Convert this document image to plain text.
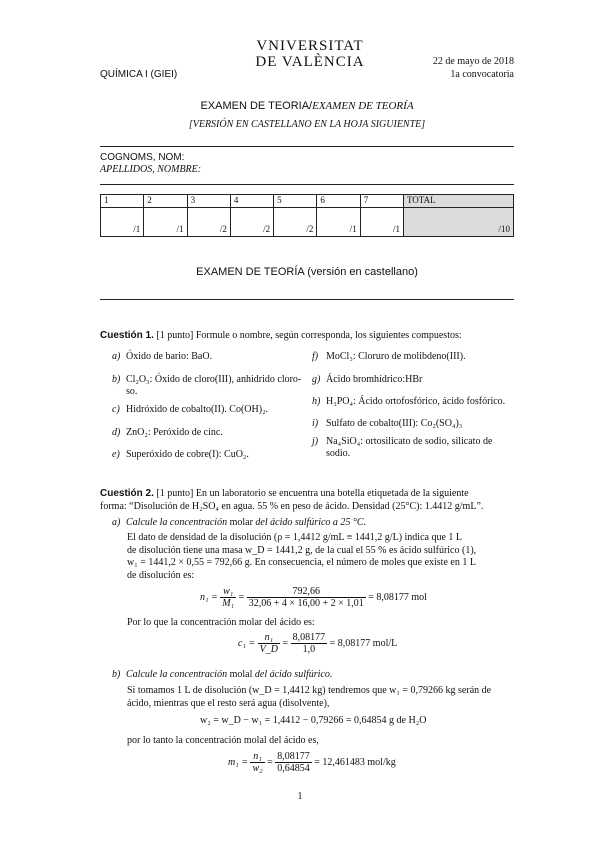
QUÍMICA I (GIEI)
VNIVERSITAT
DE VALÈNCIA	22 de mayo de 2018
1a convocatoria
EXAMEN DE TEORIA/EXAMEN DE TEORÍA
[VERSIÓN EN CASTELLANO EN LA HOJA SIGUIENTE]
COGNOMS, NOM:
APELLIDOS, NOMBRE:
1	2	3	4	5	6	7	TOTAL
/1	/1	/2	/2	/2	/1	/1	/10
EXAMEN DE TEORÍA (versión en castellano)
Cuestión 1. [1 punto] Formule o nombre, según corresponda, los siguientes compuestos:
a) Óxido de bario: BaO.
b) Cl₂O₃: Óxido de cloro(III), anhidrido cloro-
so.
c) Hidróxido de cobalto(II). Co(OH)₂.
d) ZnO₂: Peróxido de cinc.
e) Superóxido de cobre(I): CuO₂.
f) MoCl₃: Cloruro de molibdeno(III).
g) Ácido bromhídrico:HBr
h) H₃PO₄: Ácido ortofosfórico, ácido fosfórico.
i) Sulfato de cobalto(III): Co₂(SO₄)₃
j) Na₄SiO₄: ortosilicato de sodio, silicato de
sodio.
Cuestión 2. [1 punto] En un laboratorio se encuentra una botella etiquetada de la siguiente
forma: “Disolución de H₂SO₄ en agua. 55 % en peso de ácido. Densidad (25°C): 1.4412 g/mL”.
a) Calcule la concentración molar del ácido sulfúrico a 25 °C.
El dato de densidad de la disolución (ρ = 1,4412 g/mL ≡ 1441,2 g/L) indica que 1 L
de disolución tiene una masa w_D = 1441,2 g, de la cual el 55 % es ácido sulfúrico (1),
w₁ = 1441,2 × 0,55 = 792,66 g. En consecuencia, el número de moles que existe en 1 L
de disolución es:
$n_1 = \frac{\text{w₁}}{\text{M₁}} = \frac{792,66}{32,06 + 4 \times 16,00 + 2 \times 1,01} = 8,08177$ mol
Por lo que la concentración molar del ácido es:
$c_1 = \frac{\text{n₁}}{V\_D} = \frac{8,08177}{1,0} = 8,08177$ mol/L
b) Calcule la concentración molal del ácido sulfúrico.
Si tomamos 1 L de disolución (w_D = 1,4412 kg) tendremos que w₁ = 0,79266 kg serán de
ácido, mientras que el resto será agua (disolvente),
w₂ = w_D − w₁ = 1,4412 − 0,79266 = 0,64854 g de H₂O
por lo tanto la concentración molal del ácido es,
$m_1 = \frac{\text{n₁}}{\text{w₂}} = \frac{8,08177}{0,64854} = 12,461483$ mol/kg
1
